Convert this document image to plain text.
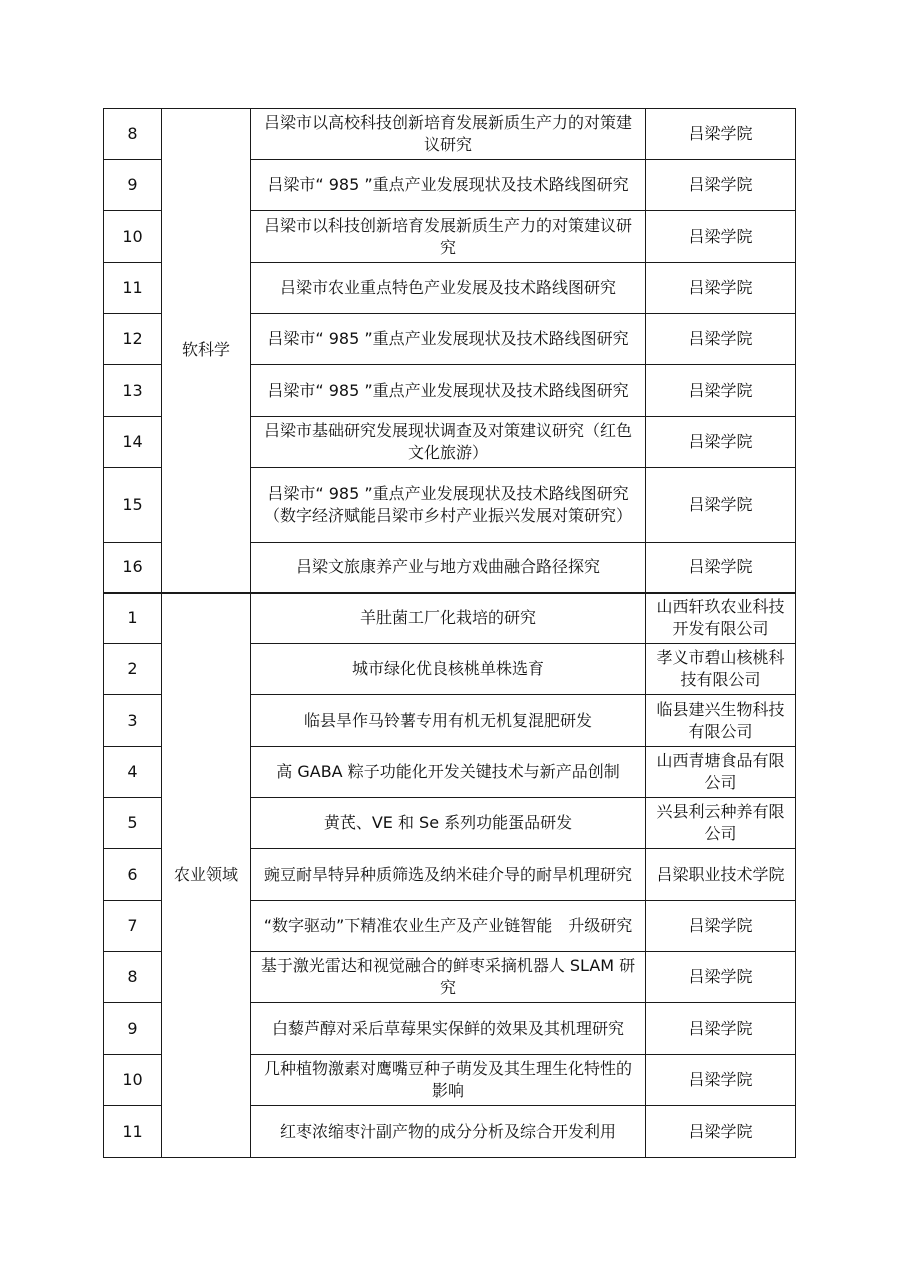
8	软科学	吕梁市以高校科技创新培育发展新质生产力的对策建议研究	吕梁学院
9		吕梁市“ 985 ”重点产业发展现状及技术路线图研究	吕梁学院
10		吕梁市以科技创新培育发展新质生产力的对策建议研究	吕梁学院
11		吕梁市农业重点特色产业发展及技术路线图研究	吕梁学院
12		吕梁市“ 985 ”重点产业发展现状及技术路线图研究	吕梁学院
13		吕梁市“ 985 ”重点产业发展现状及技术路线图研究	吕梁学院
14		吕梁市基础研究发展现状调查及对策建议研究（红色文化旅游）	吕梁学院
15		吕梁市“ 985 ”重点产业发展现状及技术路线图研究（数字经济赋能吕梁市乡村产业振兴发展对策研究）	吕梁学院
16		吕梁文旅康养产业与地方戏曲融合路径探究	吕梁学院
1	农业领域	羊肚菌工厂化栽培的研究	山西轩玖农业科技开发有限公司
2		城市绿化优良核桃单株选育	孝义市碧山核桃科技有限公司
3		临县旱作马铃薯专用有机无机复混肥研发	临县建兴生物科技有限公司
4		高 GABA 粽子功能化开发关键技术与新产品创制	山西青塘食品有限公司
5		黄芪、VE 和 Se 系列功能蛋品研发	兴县利云种养有限公司
6		豌豆耐旱特异种质筛选及纳米硅介导的耐旱机理研究	吕梁职业技术学院
7		“数字驱动”下精准农业生产及产业链智能　升级研究	吕梁学院
8		基于激光雷达和视觉融合的鲜枣采摘机器人 SLAM 研究	吕梁学院
9		白藜芦醇对采后草莓果实保鲜的效果及其机理研究	吕梁学院
10		几种植物激素对鹰嘴豆种子萌发及其生理生化特性的影响	吕梁学院
11		红枣浓缩枣汁副产物的成分分析及综合开发利用	吕梁学院
